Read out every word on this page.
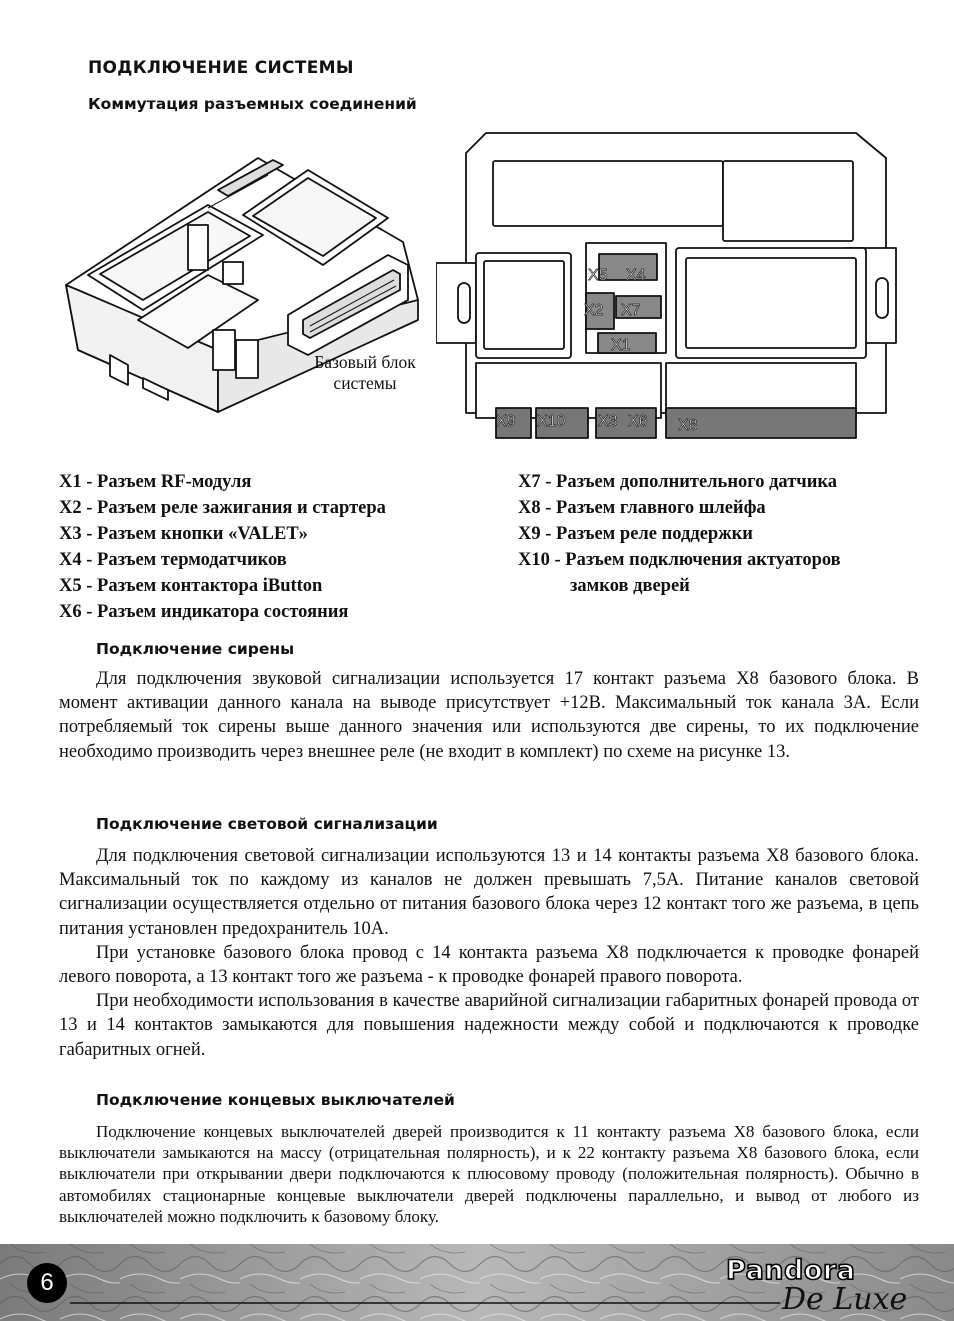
ПОДКЛЮЧЕНИЕ СИСТЕМЫ
Коммутация разъемных соединений
Базовый блок
системы
X5 X4
X2 X7
X1
X9 X10 X3 X6 X8
X1 - Разъем RF-модуля
X2 - Разъем реле зажигания и стартера
X3 - Разъем кнопки «VALET»
X4 - Разъем термодатчиков
X5 - Разъем контактора iButton
X6 - Разъем индикатора состояния
X7 - Разъем дополнительного датчика
X8 - Разъем главного шлейфа
X9 - Разъем реле поддержки
X10 - Разъем подключения актуаторов
замков дверей
Подключение сирены

Для подключения звуковой сигнализации используется 17 контакт разъема X8 базового блока. В момент активации данного канала на выводе присутствует +12В. Максимальный ток канала 3А. Если потребляемый ток сирены выше данного значения или используются две сирены, то их подключение необходимо производить через внешнее реле (не входит в комплект) по схеме на рисунке 13.

Подключение световой сигнализации

Для подключения световой сигнализации используются 13 и 14 контакты разъема X8 базового блока. Максимальный ток по каждому из каналов не должен превышать 7,5А. Питание каналов световой сигнализации осуществляется отдельно от питания базового блока через 12 контакт того же разъема, в цепь питания установлен предохранитель 10А.

При установке базового блока провод с 14 контакта разъема X8 подключается к проводке фонарей левого поворота, а 13 контакт того же разъема - к проводке фонарей правого поворота.

При необходимости использования в качестве аварийной сигнализации габаритных фонарей провода от 13 и 14 контактов замыкаются для повышения надежности между собой и подключаются к проводке габаритных огней.

Подключение концевых выключателей

Подключение концевых выключателей дверей производится к 11 контакту разъема X8 базового блока, если выключатели замыкаются на массу (отрицательная полярность), и к 22 контакту разъема X8 базового блока, если выключатели при открывании двери подключаются к плюсовому проводу (положительная полярность). Обычно в автомобилях стационарные концевые выключатели дверей подключены параллельно, и вывод от любого из выключателей можно подключить к базовому блоку.

6	Pandora
De Luxe
